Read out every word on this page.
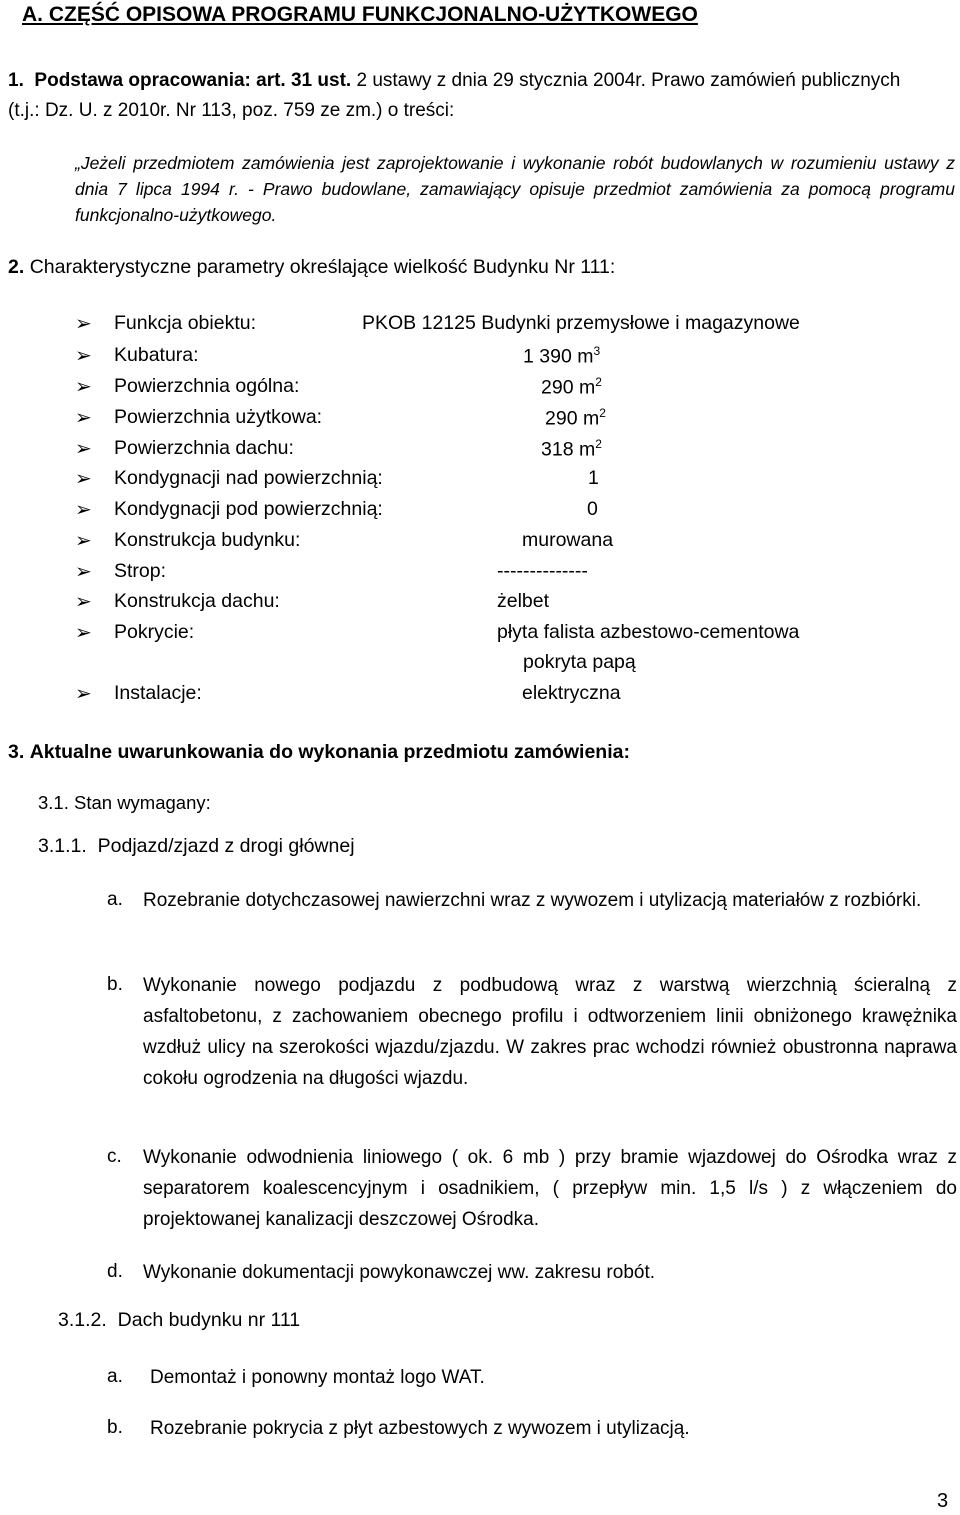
A. CZĘŚĆ OPISOWA PROGRAMU FUNKCJONALNO-UŻYTKOWEGO
1. Podstawa opracowania: art. 31 ust. 2 ustawy z dnia 29 stycznia 2004r. Prawo zamówień publicznych (t.j.: Dz. U. z 2010r. Nr 113, poz. 759 ze zm.) o treści:
„Jeżeli przedmiotem zamówienia jest zaprojektowanie i wykonanie robót budowlanych w rozumieniu ustawy z dnia 7 lipca 1994 r. - Prawo budowlane, zamawiający opisuje przedmiot zamówienia za pomocą programu funkcjonalno-użytkowego.
2. Charakterystyczne parametry określające wielkość Budynku Nr 111:
➢ Funkcja obiektu:	PKOB 12125 Budynki przemysłowe i magazynowe
➢ Kubatura:	1 390 $m^3$
➢ Powierzchnia ogólna:	290 $m^2$
➢ Powierzchnia użytkowa:	290 $m^2$
➢ Powierzchnia dachu:	318 $m^2$
➢ Kondygnacji nad powierzchnią:	1
➢ Kondygnacji pod powierzchnią:	0
➢ Konstrukcja budynku:	murowana
➢ Strop:	--------------
➢ Konstrukcja dachu:	żelbet
➢ Pokrycie:	płyta falista azbestowo-cementowa
pokryta papą
➢ Instalacje:	elektryczna
3. Aktualne uwarunkowania do wykonania przedmiotu zamówienia:
3.1. Stan wymagany:
3.1.1. Podjazd/zjazd z drogi głównej
a. Rozebranie dotychczasowej nawierzchni wraz z wywozem i utylizacją materiałów z rozbiórki.
b. Wykonanie nowego podjazdu z podbudową wraz z warstwą wierzchnią ścieralną z asfaltobetonu, z zachowaniem obecnego profilu i odtworzeniem linii obniżonego krawężnika wzdłuż ulicy na szerokości wjazdu/zjazdu. W zakres prac wchodzi również obustronna naprawa cokołu ogrodzenia na długości wjazdu.
c. Wykonanie odwodnienia liniowego ( ok. 6 mb ) przy bramie wjazdowej do Ośrodka wraz z separatorem koalescencyjnym i osadnikiem, ( przepływ min. 1,5 l/s ) z włączeniem do projektowanej kanalizacji deszczowej Ośrodka.
d. Wykonanie dokumentacji powykonawczej ww. zakresu robót.
3.1.2. Dach budynku nr 111
a. Demontaż i ponowny montaż logo WAT.
b. Rozebranie pokrycia z płyt azbestowych z wywozem i utylizacją.
3
